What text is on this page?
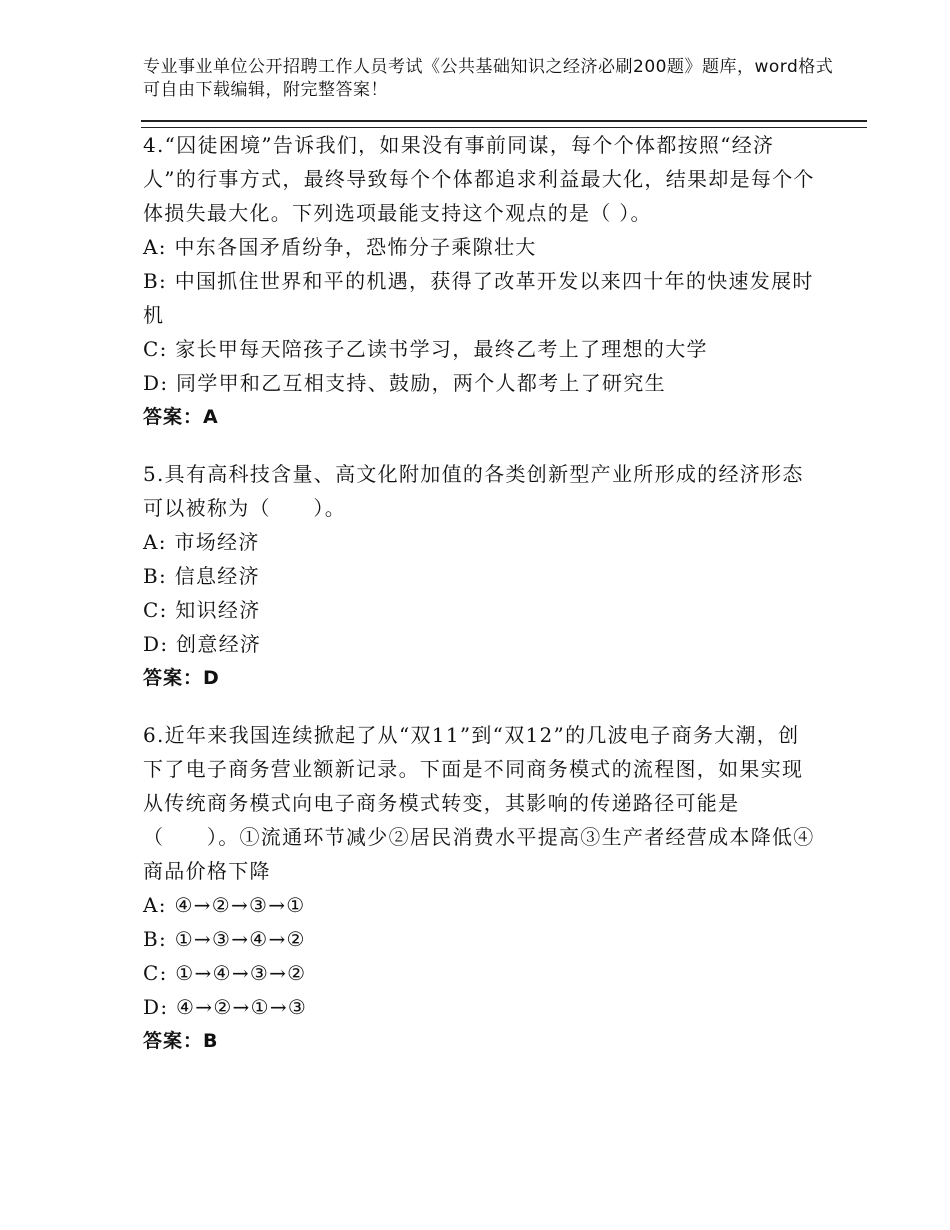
专业事业单位公开招聘工作人员考试《公共基础知识之经济必刷200题》题库，word格式可自由下载编辑，附完整答案！
4.“囚徒困境”告诉我们，如果没有事前同谋，每个个体都按照“经济人”的行事方式，最终导致每个个体都追求利益最大化，结果却是每个个体损失最大化。下列选项最能支持这个观点的是（ ）。
A: 中东各国矛盾纷争，恐怖分子乘隙壮大
B: 中国抓住世界和平的机遇，获得了改革开发以来四十年的快速发展时机
C: 家长甲每天陪孩子乙读书学习，最终乙考上了理想的大学
D: 同学甲和乙互相支持、鼓励，两个人都考上了研究生
答案：A
5.具有高科技含量、高文化附加值的各类创新型产业所形成的经济形态可以被称为（　　）。
A: 市场经济
B: 信息经济
C: 知识经济
D: 创意经济
答案：D
6.近年来我国连续掀起了从“双11”到“双12”的几波电子商务大潮，创下了电子商务营业额新记录。下面是不同商务模式的流程图，如果实现从传统商务模式向电子商务模式转变，其影响的传递路径可能是（　　）。①流通环节减少②居民消费水平提高③生产者经营成本降低④商品价格下降
A: ④→②→③→①
B: ①→③→④→②
C: ①→④→③→②
D: ④→②→①→③
答案：B
